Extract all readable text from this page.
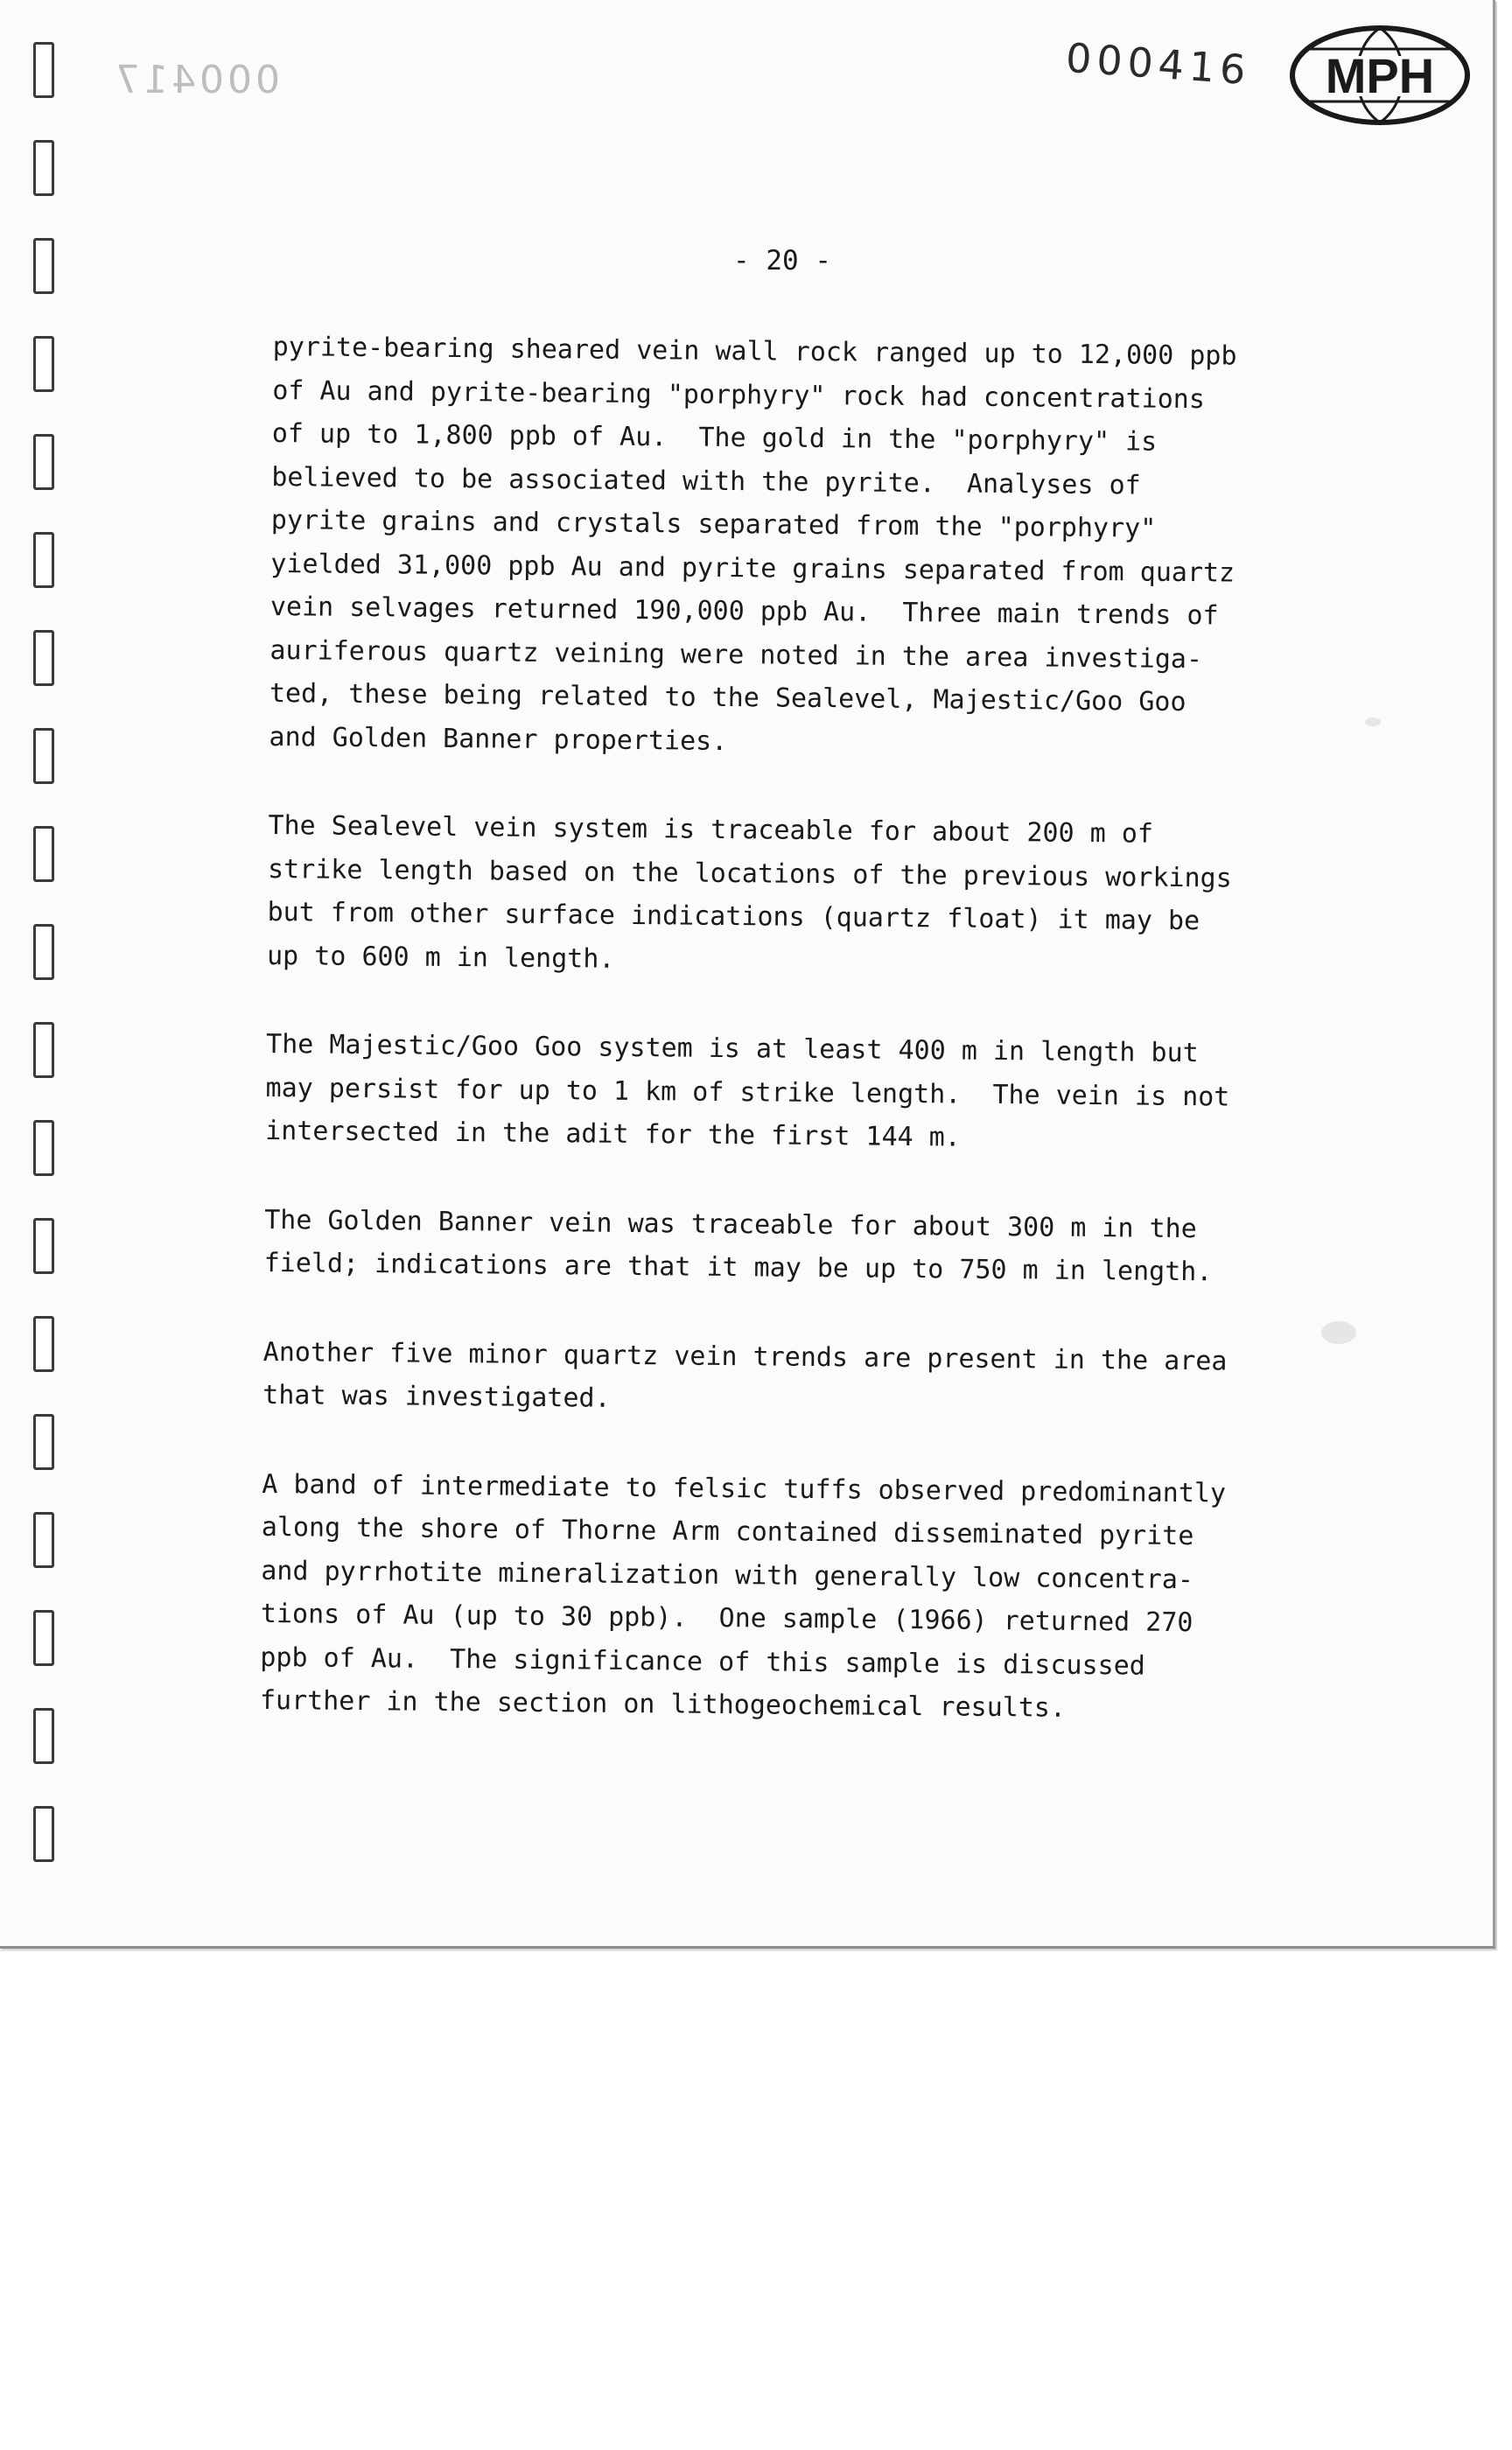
000417	000416 MPH
- 20 -
pyrite-bearing sheared vein wall rock ranged up to 12,000 ppb
of Au and pyrite-bearing "porphyry" rock had concentrations
of up to 1,800 ppb of Au.  The gold in the "porphyry" is
believed to be associated with the pyrite.  Analyses of
pyrite grains and crystals separated from the "porphyry"
yielded 31,000 ppb Au and pyrite grains separated from quartz
vein selvages returned 190,000 ppb Au.  Three main trends of
auriferous quartz veining were noted in the area investiga-
ted, these being related to the Sealevel, Majestic/Goo Goo
and Golden Banner properties.
The Sealevel vein system is traceable for about 200 m of
strike length based on the locations of the previous workings
but from other surface indications (quartz float) it may be
up to 600 m in length.
The Majestic/Goo Goo system is at least 400 m in length but
may persist for up to 1 km of strike length.  The vein is not
intersected in the adit for the first 144 m.
The Golden Banner vein was traceable for about 300 m in the
field; indications are that it may be up to 750 m in length.
Another five minor quartz vein trends are present in the area
that was investigated.
A band of intermediate to felsic tuffs observed predominantly
along the shore of Thorne Arm contained disseminated pyrite
and pyrrhotite mineralization with generally low concentra-
tions of Au (up to 30 ppb).  One sample (1966) returned 270
ppb of Au.  The significance of this sample is discussed
further in the section on lithogeochemical results.
